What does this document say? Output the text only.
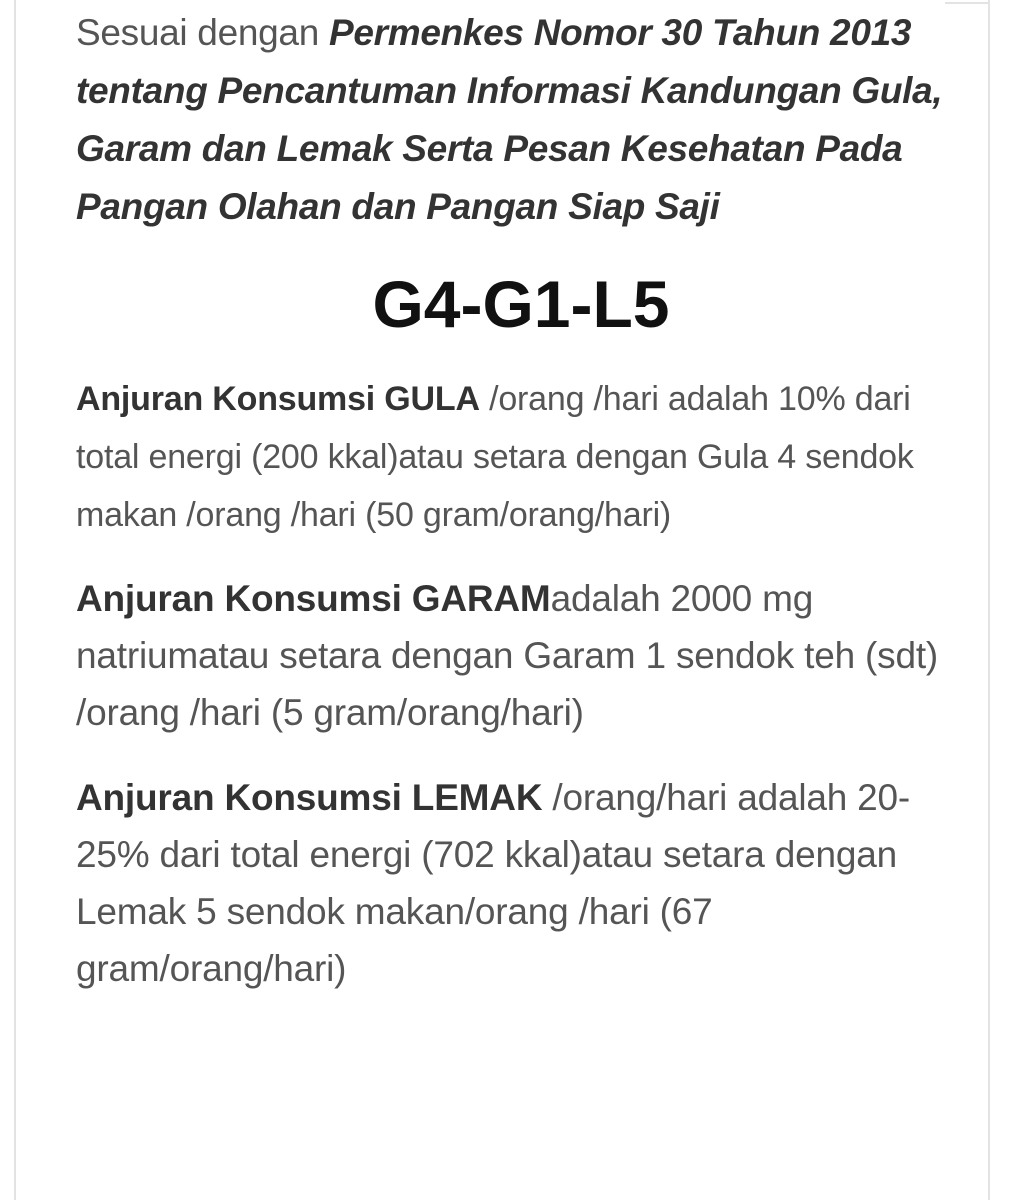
Sesuai dengan Permenkes Nomor 30 Tahun 2013 tentang Pencantuman Informasi Kandungan Gula, Garam dan Lemak Serta Pesan Kesehatan Pada Pangan Olahan dan Pangan Siap Saji

G4-G1-L5

Anjuran Konsumsi GULA /orang /hari adalah 10% dari total energi (200 kkal)atau setara dengan Gula 4 sendok makan /orang /hari (50 gram/orang/hari)

Anjuran Konsumsi GARAMadalah 2000 mg natriumatau setara dengan Garam 1 sendok teh (sdt) /orang /hari (5 gram/orang/hari)

Anjuran Konsumsi LEMAK /orang/hari adalah 20-25% dari total energi (702 kkal)atau setara dengan Lemak 5 sendok makan/orang /hari (67 gram/orang/hari)
